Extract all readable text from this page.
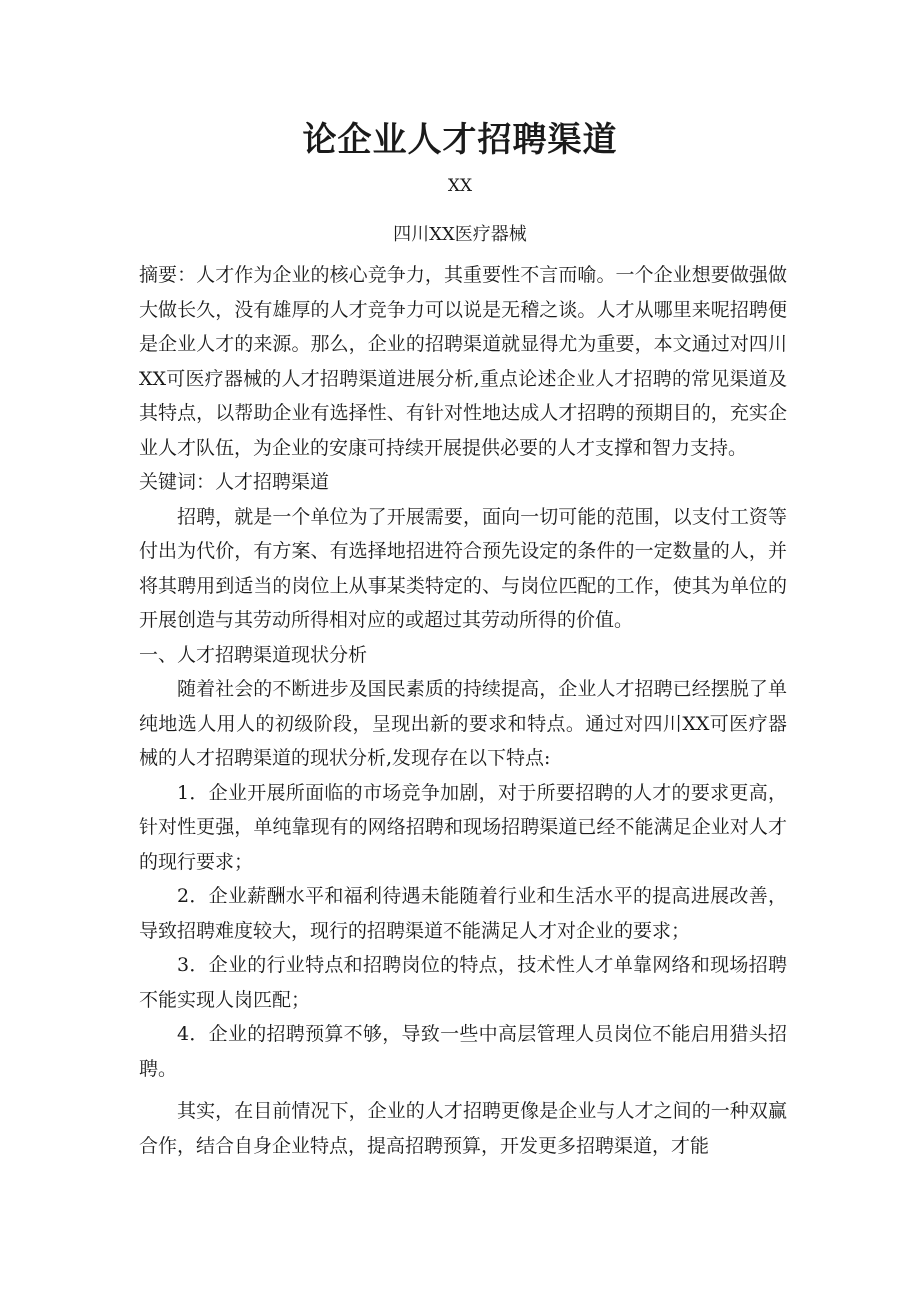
论企业人才招聘渠道
XX
四川XX医疗器械

摘要：人才作为企业的核心竞争力，其重要性不言而喻。一个企业想要做强做大做长久，没有雄厚的人才竞争力可以说是无稽之谈。人才从哪里来呢招聘便是企业人才的来源。那么，企业的招聘渠道就显得尤为重要，本文通过对四川XX可医疗器械的人才招聘渠道进展分析,重点论述企业人才招聘的常见渠道及其特点，以帮助企业有选择性、有针对性地达成人才招聘的预期目的，充实企业人才队伍，为企业的安康可持续开展提供必要的人才支撑和智力支持。

关键词：人才招聘渠道

招聘，就是一个单位为了开展需要，面向一切可能的范围，以支付工资等付出为代价，有方案、有选择地招进符合预先设定的条件的一定数量的人，并将其聘用到适当的岗位上从事某类特定的、与岗位匹配的工作，使其为单位的开展创造与其劳动所得相对应的或超过其劳动所得的价值。

一、人才招聘渠道现状分析

随着社会的不断进步及国民素质的持续提高，企业人才招聘已经摆脱了单纯地选人用人的初级阶段，呈现出新的要求和特点。通过对四川XX可医疗器械的人才招聘渠道的现状分析,发现存在以下特点:

1．企业开展所面临的市场竞争加剧，对于所要招聘的人才的要求更高，针对性更强，单纯靠现有的网络招聘和现场招聘渠道已经不能满足企业对人才的现行要求；

2．企业薪酬水平和福利待遇未能随着行业和生活水平的提高进展改善，导致招聘难度较大，现行的招聘渠道不能满足人才对企业的要求；

3．企业的行业特点和招聘岗位的特点，技术性人才单靠网络和现场招聘不能实现人岗匹配；

4．企业的招聘预算不够，导致一些中高层管理人员岗位不能启用猎头招聘。

其实，在目前情况下，企业的人才招聘更像是企业与人才之间的一种双赢合作，结合自身企业特点，提高招聘预算，开发更多招聘渠道，才能
